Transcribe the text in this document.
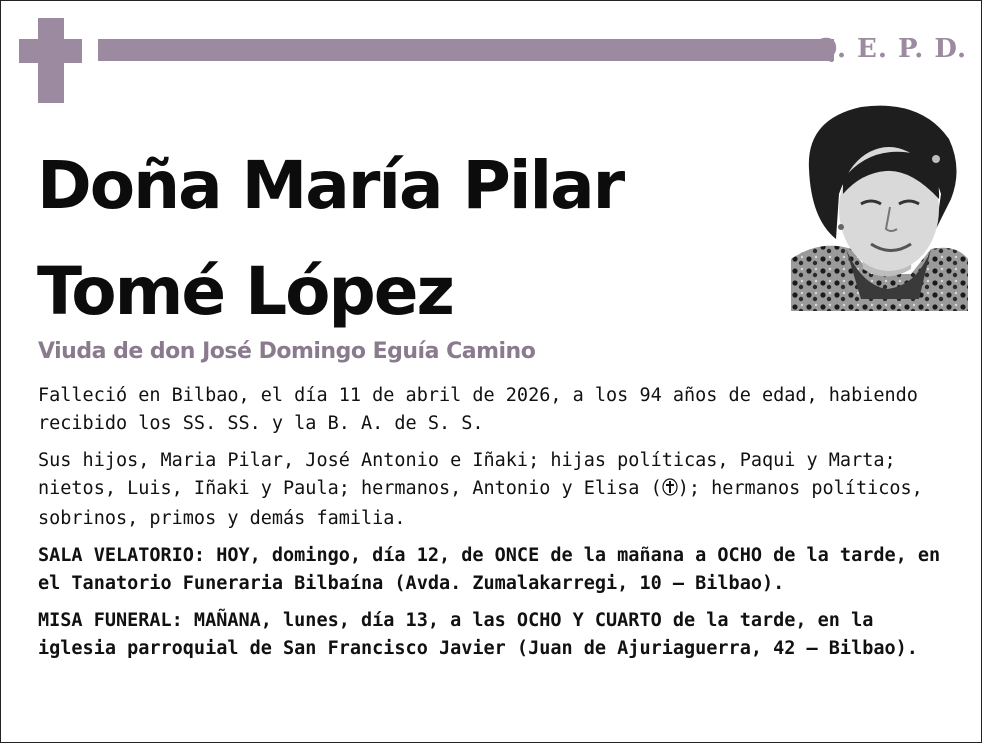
Q. E. P. D.
Doña María Pilar
Tomé López
Viuda de don José Domingo Eguía Camino

Falleció en Bilbao, el día 11 de abril de 2026, a los 94 años de edad, habiendo recibido los SS. SS. y la B. A. de S. S.

Sus hijos, Maria Pilar, José Antonio e Iñaki; hijas políticas, Paqui y Marta; nietos, Luis, Iñaki y Paula; hermanos, Antonio y Elisa ( ); hermanos políticos, sobrinos, primos y demás familia.

SALA VELATORIO: HOY, domingo, día 12, de ONCE de la mañana a OCHO de la tarde, en el Tanatorio Funeraria Bilbaína (Avda. Zumalakarregi, 10 – Bilbao).

MISA FUNERAL: MAÑANA, lunes, día 13, a las OCHO Y CUARTO de la tarde, en la iglesia parroquial de San Francisco Javier (Juan de Ajuriaguerra, 42 – Bilbao).
